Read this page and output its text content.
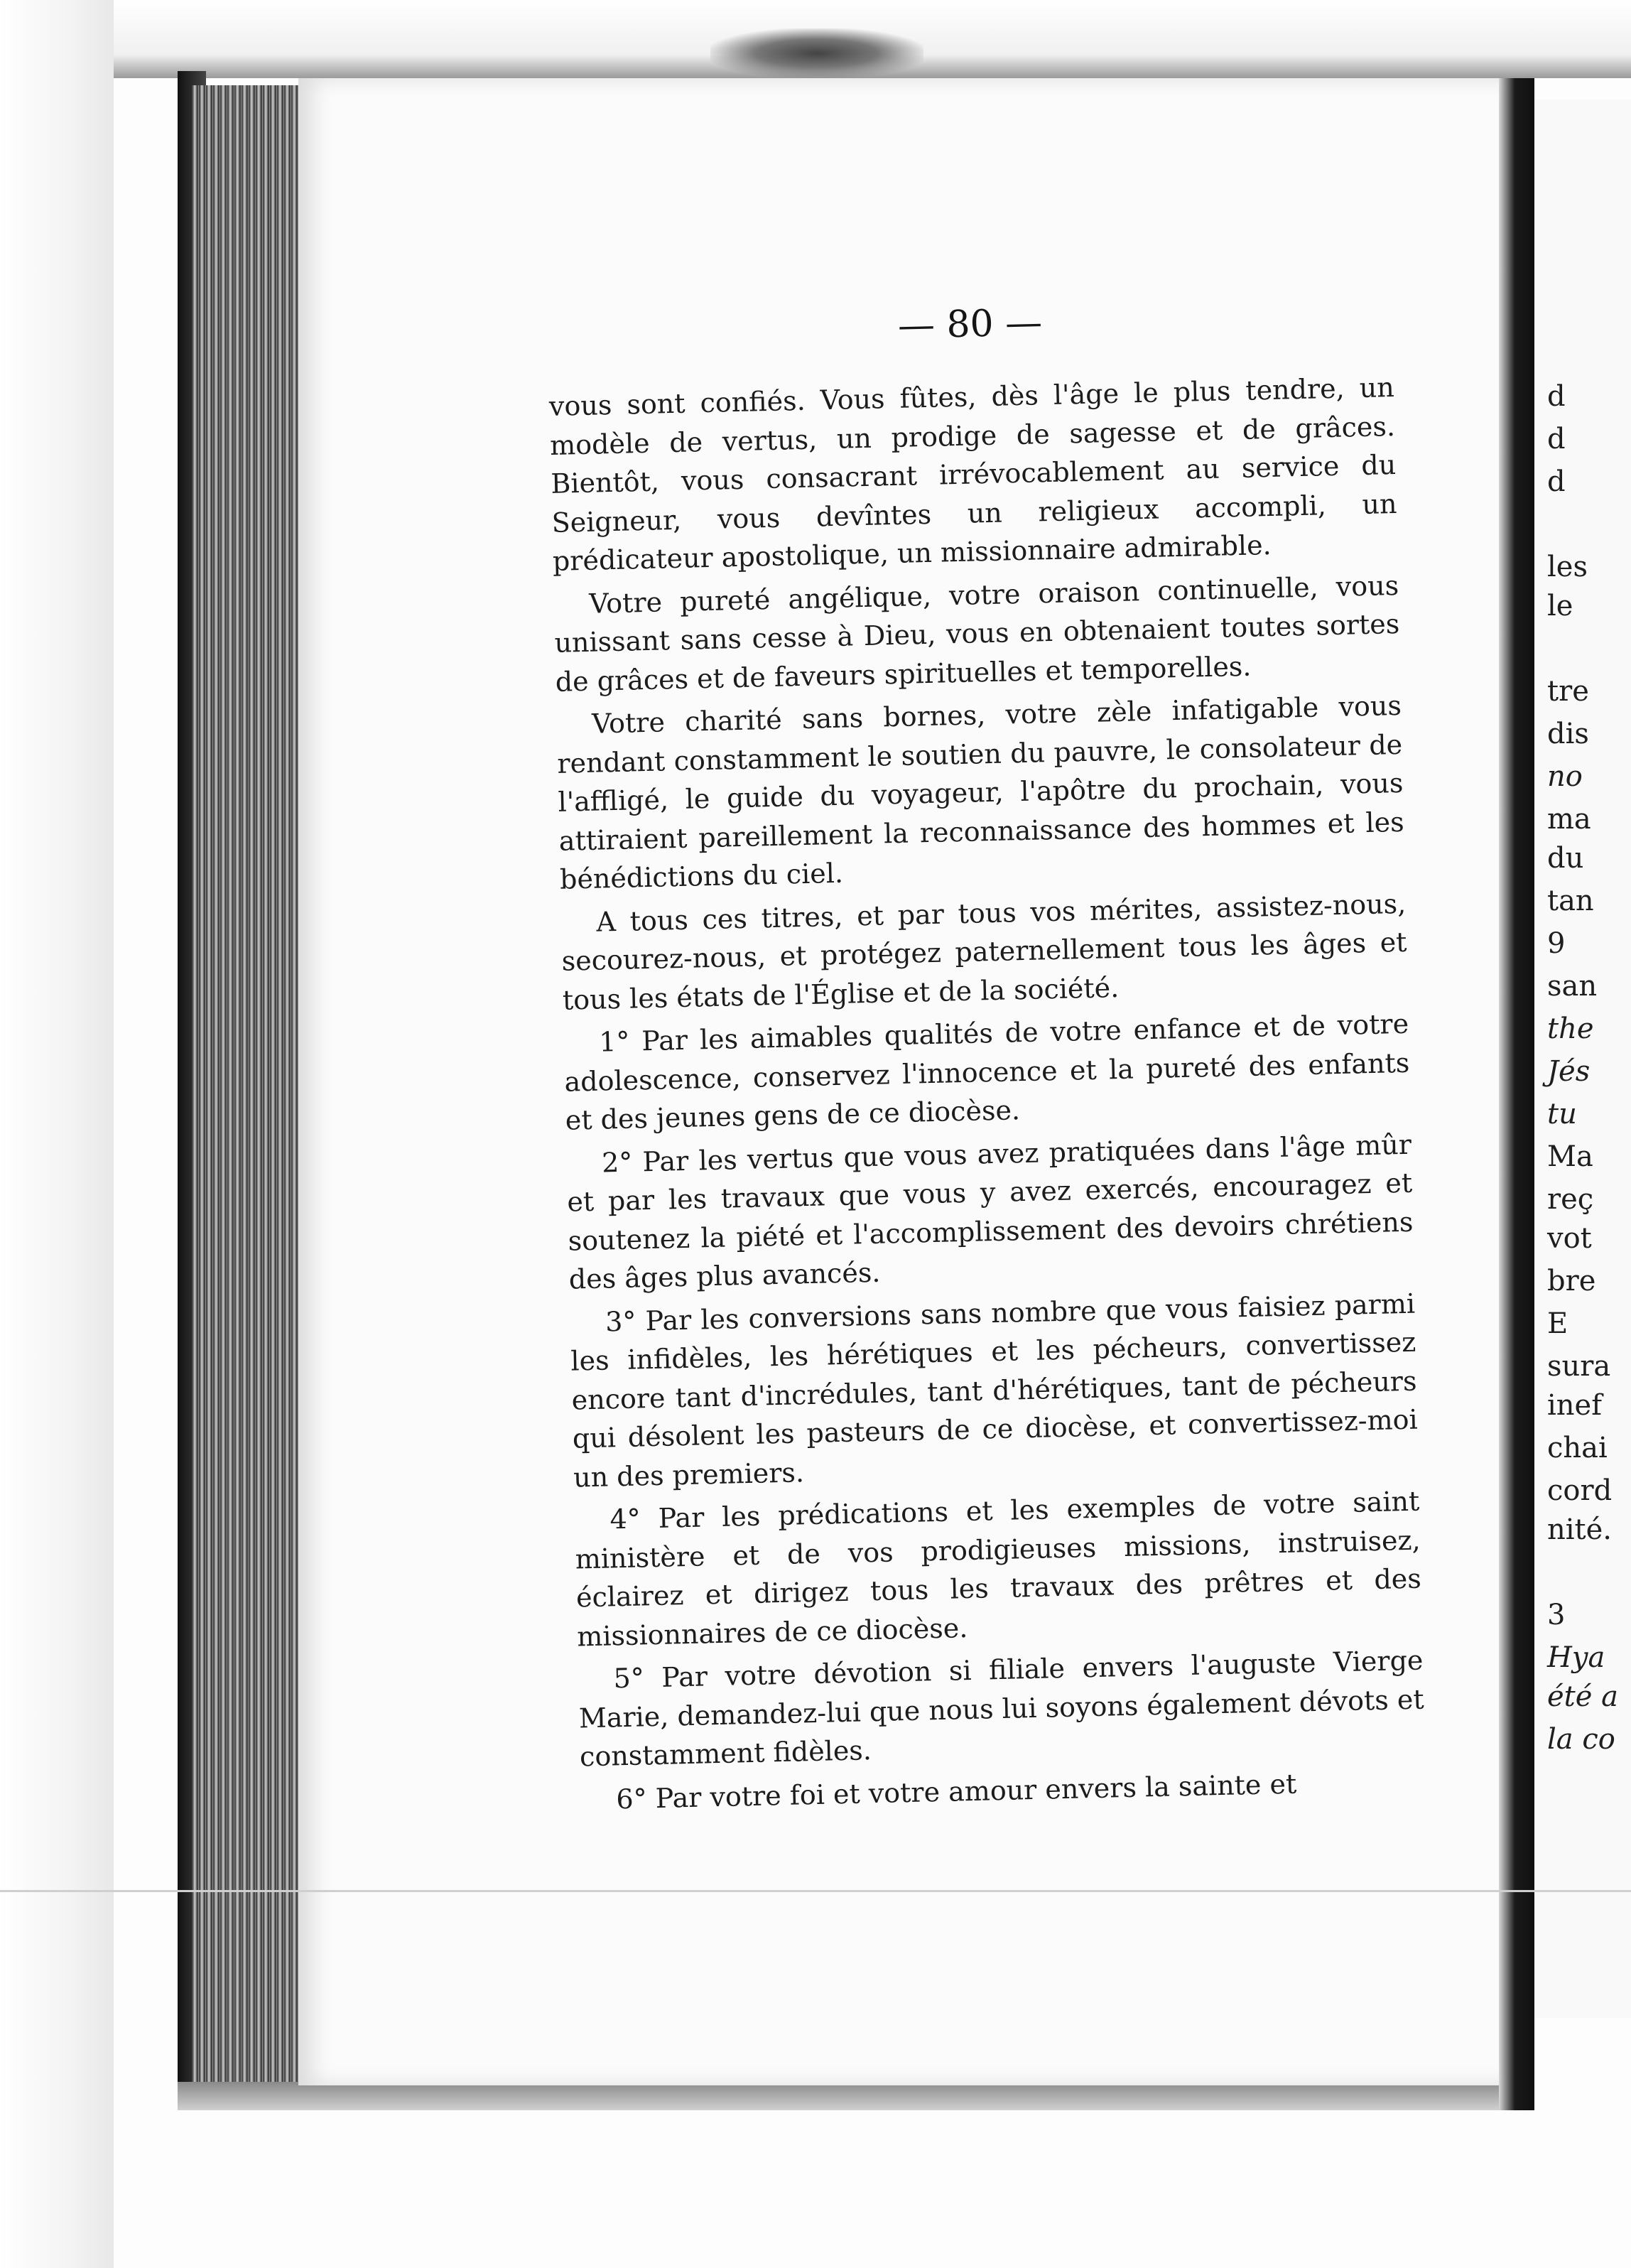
— 80 —

vous sont confiés. Vous fûtes, dès l'âge le plus tendre, un modèle de vertus, un prodige de sagesse et de grâces. Bientôt, vous consacrant irrévocablement au service du Seigneur, vous devîntes un religieux accompli, un prédicateur apostolique, un missionnaire admirable.

Votre pureté angélique, votre oraison continuelle, vous unissant sans cesse à Dieu, vous en obtenaient toutes sortes de grâces et de faveurs spirituelles et temporelles.

Votre charité sans bornes, votre zèle infatigable vous rendant constamment le soutien du pauvre, le consolateur de l'affligé, le guide du voyageur, l'apôtre du prochain, vous attiraient pareillement la reconnaissance des hommes et les bénédictions du ciel.

A tous ces titres, et par tous vos mérites, assistez-nous, secourez-nous, et protégez paternellement tous les âges et tous les états de l'Église et de la société.

1° Par les aimables qualités de votre enfance et de votre adolescence, conservez l'innocence et la pureté des enfants et des jeunes gens de ce diocèse.

2° Par les vertus que vous avez pratiquées dans l'âge mûr et par les travaux que vous y avez exercés, encouragez et soutenez la piété et l'accomplissement des devoirs chrétiens des âges plus avancés.

3° Par les conversions sans nombre que vous faisiez parmi les infidèles, les hérétiques et les pécheurs, convertissez encore tant d'incrédules, tant d'hérétiques, tant de pécheurs qui désolent les pasteurs de ce diocèse, et convertissez-moi un des premiers.

4° Par les prédications et les exemples de votre saint ministère et de vos prodigieuses missions, instruisez, éclairez et dirigez tous les travaux des prêtres et des missionnaires de ce diocèse.

5° Par votre dévotion si filiale envers l'auguste Vierge Marie, demandez-lui que nous lui soyons également dévots et constamment fidèles.

6° Par votre foi et votre amour envers la sainte et

d
d
d
les
le
tre
dis
no
ma
du
tan
9
san
the
Jés
tu
Ma
reç
vot
bre
E
sura
inef
chai
cord
nité.
3
Hya
été a
la co
